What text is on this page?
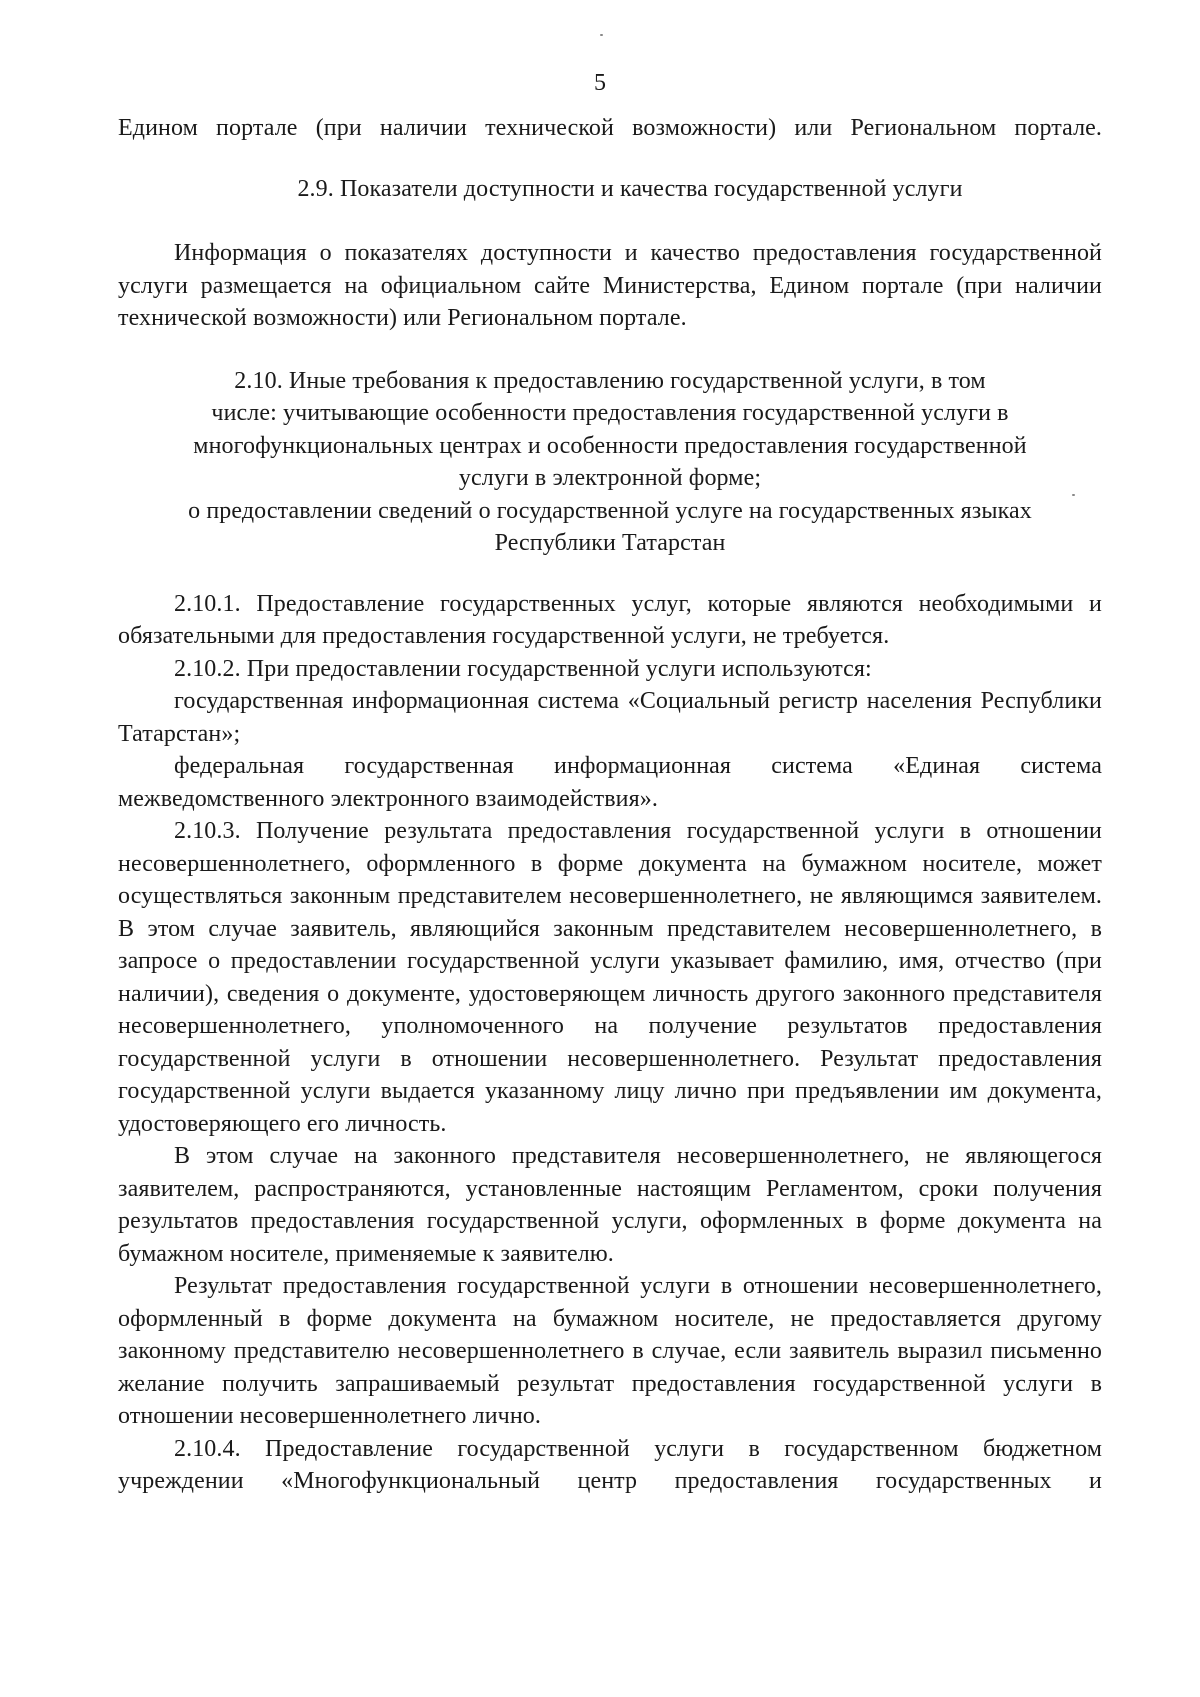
5

Едином портале (при наличии технической возможности) или Региональном портале.

2.9. Показатели доступности и качества государственной услуги

Информация о показателях доступности и качество предоставления государственной услуги размещается на официальном сайте Министерства, Едином портале (при наличии технической возможности) или Региональном портале.

2.10. Иные требования к предоставлению государственной услуги, в том
числе: учитывающие особенности предоставления государственной услуги в
многофункциональных центрах и особенности предоставления государственной
услуги в электронной форме;
о предоставлении сведений о государственной услуге на государственных языках
Республики Татарстан

2.10.1. Предоставление государственных услуг, которые являются необходимыми и обязательными для предоставления государственной услуги, не требуется.

2.10.2. При предоставлении государственной услуги используются:

государственная информационная система «Социальный регистр населения Республики Татарстан»;

федеральная государственная информационная система «Единая система межведомственного электронного взаимодействия».

2.10.3. Получение результата предоставления государственной услуги в отношении несовершеннолетнего, оформленного в форме документа на бумажном носителе, может осуществляться законным представителем несовершеннолетнего, не являющимся заявителем. В этом случае заявитель, являющийся законным представителем несовершеннолетнего, в запросе о предоставлении государственной услуги указывает фамилию, имя, отчество (при наличии), сведения о документе, удостоверяющем личность другого законного представителя несовершеннолетнего, уполномоченного на получение результатов предоставления государственной услуги в отношении несовершеннолетнего. Результат предоставления государственной услуги выдается указанному лицу лично при предъявлении им документа, удостоверяющего его личность.

В этом случае на законного представителя несовершеннолетнего, не являющегося заявителем, распространяются, установленные настоящим Регламентом, сроки получения результатов предоставления государственной услуги, оформленных в форме документа на бумажном носителе, применяемые к заявителю.

Результат предоставления государственной услуги в отношении несовершеннолетнего, оформленный в форме документа на бумажном носителе, не предоставляется другому законному представителю несовершеннолетнего в случае, если заявитель выразил письменно желание получить запрашиваемый результат предоставления государственной услуги в отношении несовершеннолетнего лично.

2.10.4. Предоставление государственной услуги в государственном бюджетном учреждении «Многофункциональный центр предоставления государственных и
